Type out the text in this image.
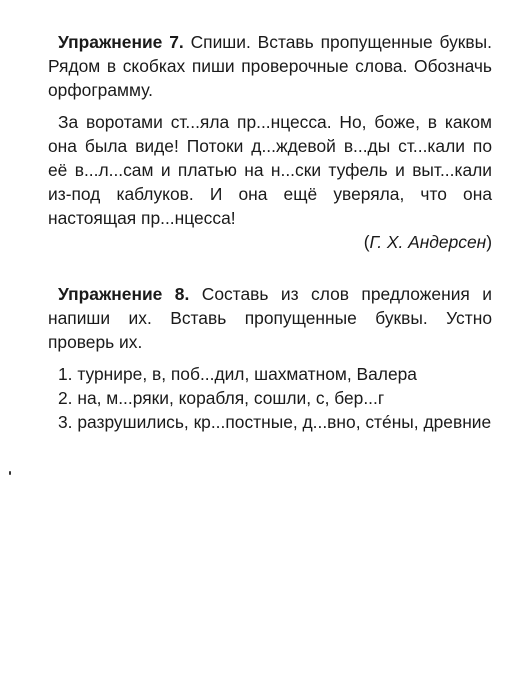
Упражнение 7. Спиши. Вставь пропущенные буквы. Рядом в скобках пиши проверочные слова. Обозначь орфограмму.

За воротами ст...яла пр...нцесса. Но, боже, в каком она была виде! Потоки д...ждевой в...ды ст...кали по её в...л...сам и платью на н...ски туфель и выт...кали из-под каблуков. И она ещё уверяла, что она настоящая пр...нцесса!

(Г. Х. Андерсен)

Упражнение 8. Составь из слов предложения и напиши их. Вставь пропущенные буквы. Устно проверь их.

1. турнире, в, поб...дил, шахматном, Валера
2. на, м...ряки, корабля, сошли, с, бер...г
3. разрушились, кр...постные, д...вно, стéны, древние
